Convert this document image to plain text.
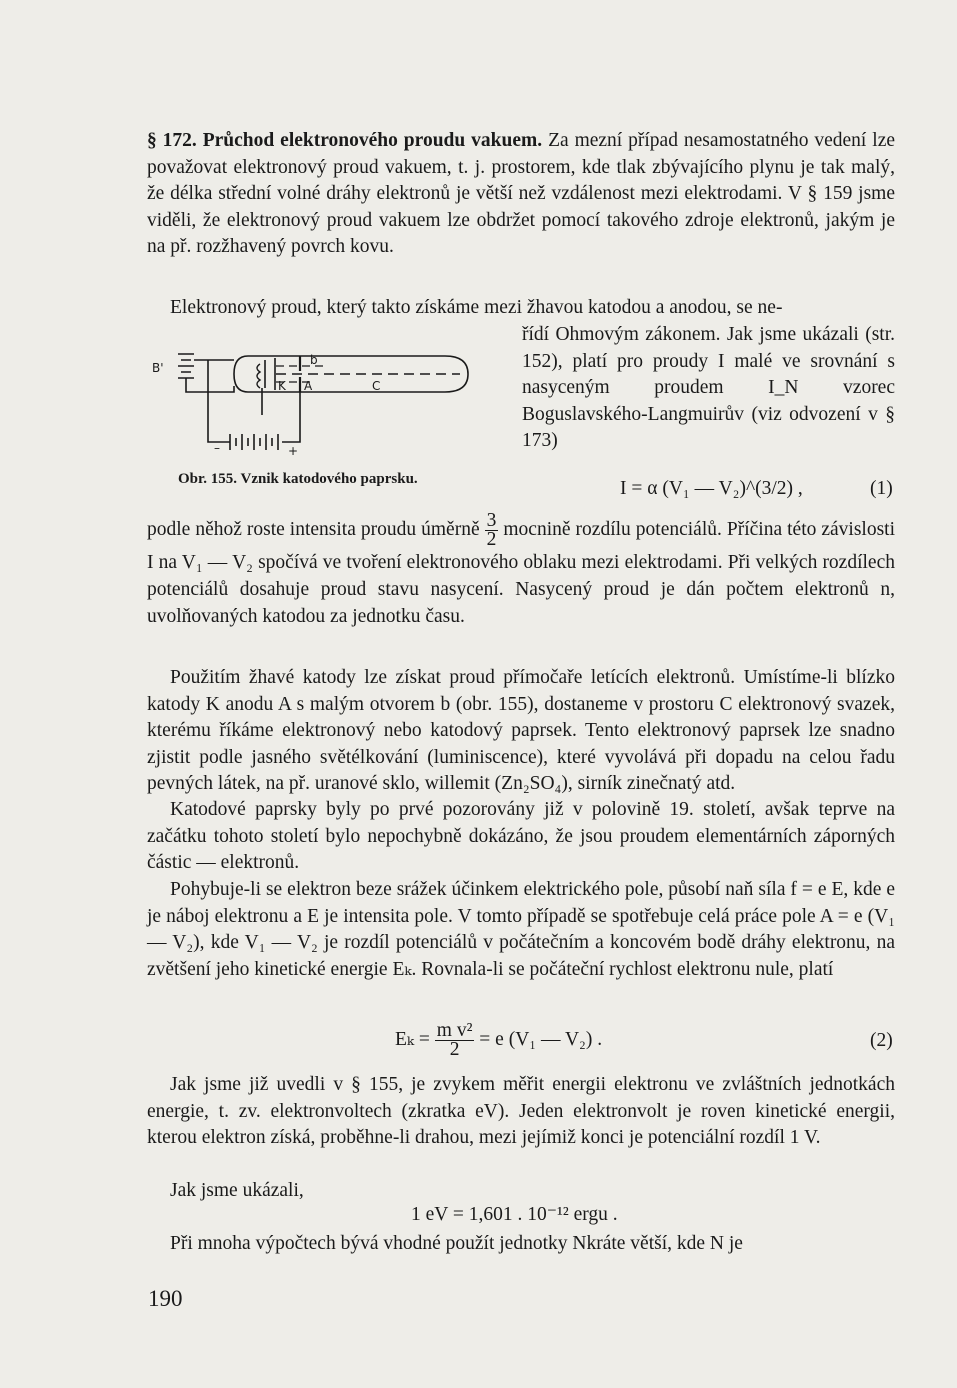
§ 172. Průchod elektronového proudu vakuem. Za mezní případ nesamostatného vedení lze považovat elektronový proud vakuem, t. j. prostorem, kde tlak zbývajícího plynu je tak malý, že délka střední volné dráhy elektronů je větší než vzdálenost mezi elektrodami. V § 159 jsme viděli, že elektronový proud vakuem lze obdržet pomocí takového zdroje elektronů, jakým je na př. rozžhavený povrch kovu.

Elektronový proud, který takto získáme mezi žhavou katodou a anodou, se ne-

B'
b
K A	C
–	+

řídí Ohmovým zákonem. Jak jsme ukázali (str. 152), platí pro proudy I malé ve srovnání s nasyceným proudem I_N vzorec Boguslavského-Langmuirův (viz odvození v § 173)

Obr. 155. Vznik katodového paprsku.	I = α (V₁ — V₂)^(3/2) ,	(1)

podle něhož roste intensita proudu úměrně $\frac{3}{2}$ mocnině rozdílu potenciálů. Příčina této závislosti I na V₁ — V₂ spočívá ve tvoření elektronového oblaku mezi elektrodami. Při velkých rozdílech potenciálů dosahuje proud stavu nasycení. Nasycený proud je dán počtem elektronů n, uvolňovaných katodou za jednotku času.

Použitím žhavé katody lze získat proud přímočaře letících elektronů. Umístíme-li blízko katody K anodu A s malým otvorem b (obr. 155), dostaneme v prostoru C elektronový svazek, kterému říkáme elektronový nebo katodový paprsek. Tento elektronový paprsek lze snadno zjistit podle jasného světélkování (luminiscence), které vyvolává při dopadu na celou řadu pevných látek, na př. uranové sklo, willemit (Zn₂SO₄), sirník zinečnatý atd.

Katodové paprsky byly po prvé pozorovány již v polovině 19. století, avšak teprve na začátku tohoto století bylo nepochybně dokázáno, že jsou proudem elementárních záporných částic — elektronů.

Pohybuje-li se elektron beze srážek účinkem elektrického pole, působí naň síla f = e E, kde e je náboj elektronu a E je intensita pole. V tomto případě se spotřebuje celá práce pole A = e (V₁ — V₂), kde V₁ — V₂ je rozdíl potenciálů v počátečním a koncovém bodě dráhy elektronu, na zvětšení jeho kinetické energie Eₖ. Rovnala-li se počáteční rychlost elektronu nule, platí

$E_k = \frac{\text{m v²}}{2} = e$ (V₁ — V₂) .	(2)

Jak jsme již uvedli v § 155, je zvykem měřit energii elektronu ve zvláštních jednotkách energie, t. zv. elektronvoltech (zkratka eV). Jeden elektronvolt je roven kinetické energii, kterou elektron získá, proběhne-li drahou, mezi jejímiž konci je potenciální rozdíl 1 V.

Jak jsme ukázali,

1 eV = 1,601 . 10⁻¹² ergu .

Při mnoha výpočtech bývá vhodné použít jednotky Nkráte větší, kde N je

190
